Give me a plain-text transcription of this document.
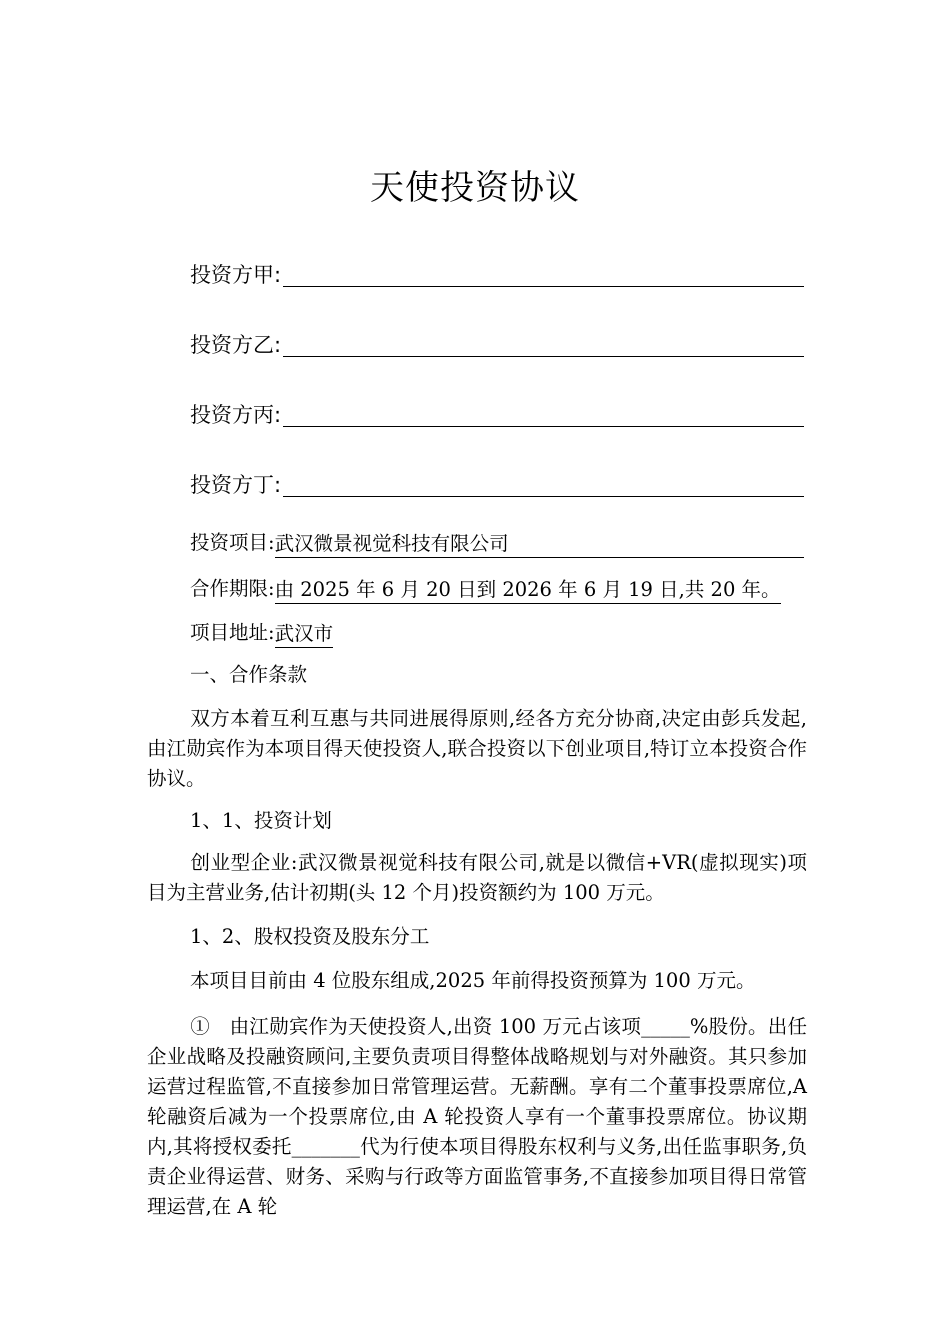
天使投资协议
投资方甲:
投资方乙:
投资方丙:
投资方丁:
投资项目: 武汉微景视觉科技有限公司
合作期限: 由 2025 年 6 月 20 日到 2026 年 6 月 19 日,共 20 年。
项目地址: 武汉市
一、合作条款
双方本着互利互惠与共同进展得原则,经各方充分协商,决定由彭兵发起,由江勋宾作为本项目得天使投资人,联合投资以下创业项目,特订立本投资合作协议。
1、1、投资计划
创业型企业:武汉微景视觉科技有限公司,就是以微信+VR(虚拟现实)项目为主营业务,估计初期(头 12 个月)投资额约为 100 万元。
1、2、股权投资及股东分工
本项目目前由 4 位股东组成,2025 年前得投资预算为 100 万元。
①　由江勋宾作为天使投资人,出资 100 万元占该项_____%股份。出任企业战略及投融资顾问,主要负责项目得整体战略规划与对外融资。其只参加运营过程监管,不直接参加日常管理运营。无薪酬。享有二个董事投票席位,A 轮融资后减为一个投票席位,由 A 轮投资人享有一个董事投票席位。协议期内,其将授权委托_______代为行使本项目得股东权利与义务,出任监事职务,负责企业得运营、财务、采购与行政等方面监管事务,不直接参加项目得日常管理运营,在 A 轮
